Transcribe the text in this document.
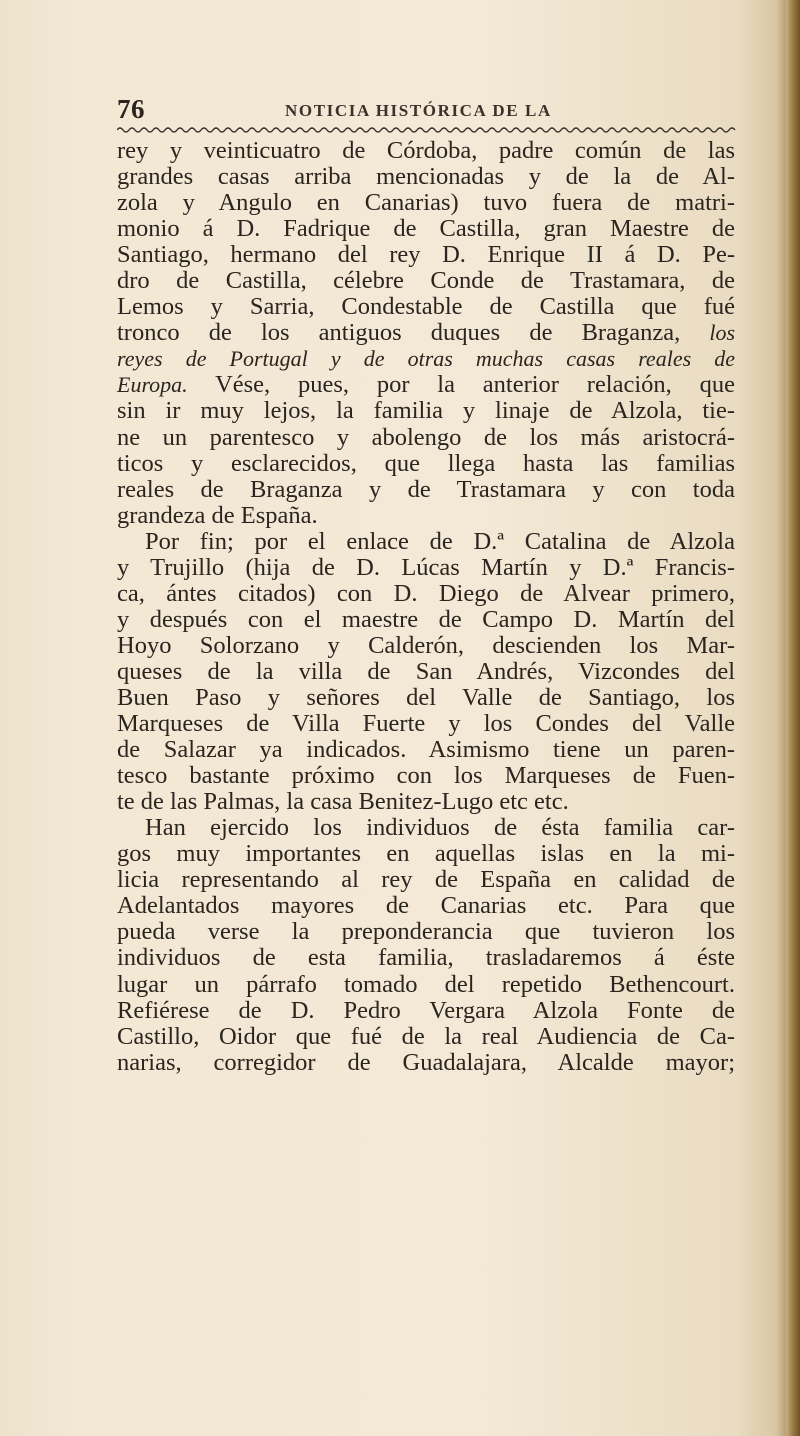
76	NOTICIA HISTÓRICA DE LA
rey y veinticuatro de Córdoba, padre común de las
grandes casas arriba mencionadas y de la de Al-
zola y Angulo en Canarias) tuvo fuera de matri-
monio á D. Fadrique de Castilla, gran Maestre de
Santiago, hermano del rey D. Enrique II á D. Pe-
dro de Castilla, célebre Conde de Trastamara, de
Lemos y Sarria, Condestable de Castilla que fué
tronco de los antiguos duques de Braganza, los
reyes de Portugal y de otras muchas casas reales de
Europa. Vése, pues, por la anterior relación, que
sin ir muy lejos, la familia y linaje de Alzola, tie-
ne un parentesco y abolengo de los más aristocrá-
ticos y esclarecidos, que llega hasta las familias
reales de Braganza y de Trastamara y con toda
grandeza de España.
Por fin; por el enlace de D.ª Catalina de Alzola
y Trujillo (hija de D. Lúcas Martín y D.ª Francis-
ca, ántes citados) con D. Diego de Alvear primero,
y después con el maestre de Campo D. Martín del
Hoyo Solorzano y Calderón, descienden los Mar-
queses de la villa de San Andrés, Vizcondes del
Buen Paso y señores del Valle de Santiago, los
Marqueses de Villa Fuerte y los Condes del Valle
de Salazar ya indicados. Asimismo tiene un paren-
tesco bastante próximo con los Marqueses de Fuen-
te de las Palmas, la casa Benitez-Lugo etc etc.
Han ejercido los individuos de ésta familia car-
gos muy importantes en aquellas islas en la mi-
licia representando al rey de España en calidad de
Adelantados mayores de Canarias etc. Para que
pueda verse la preponderancia que tuvieron los
individuos de esta familia, trasladaremos á éste
lugar un párrafo tomado del repetido Bethencourt.
Refiérese de D. Pedro Vergara Alzola Fonte de
Castillo, Oidor que fué de la real Audiencia de Ca-
narias, corregidor de Guadalajara, Alcalde mayor;
